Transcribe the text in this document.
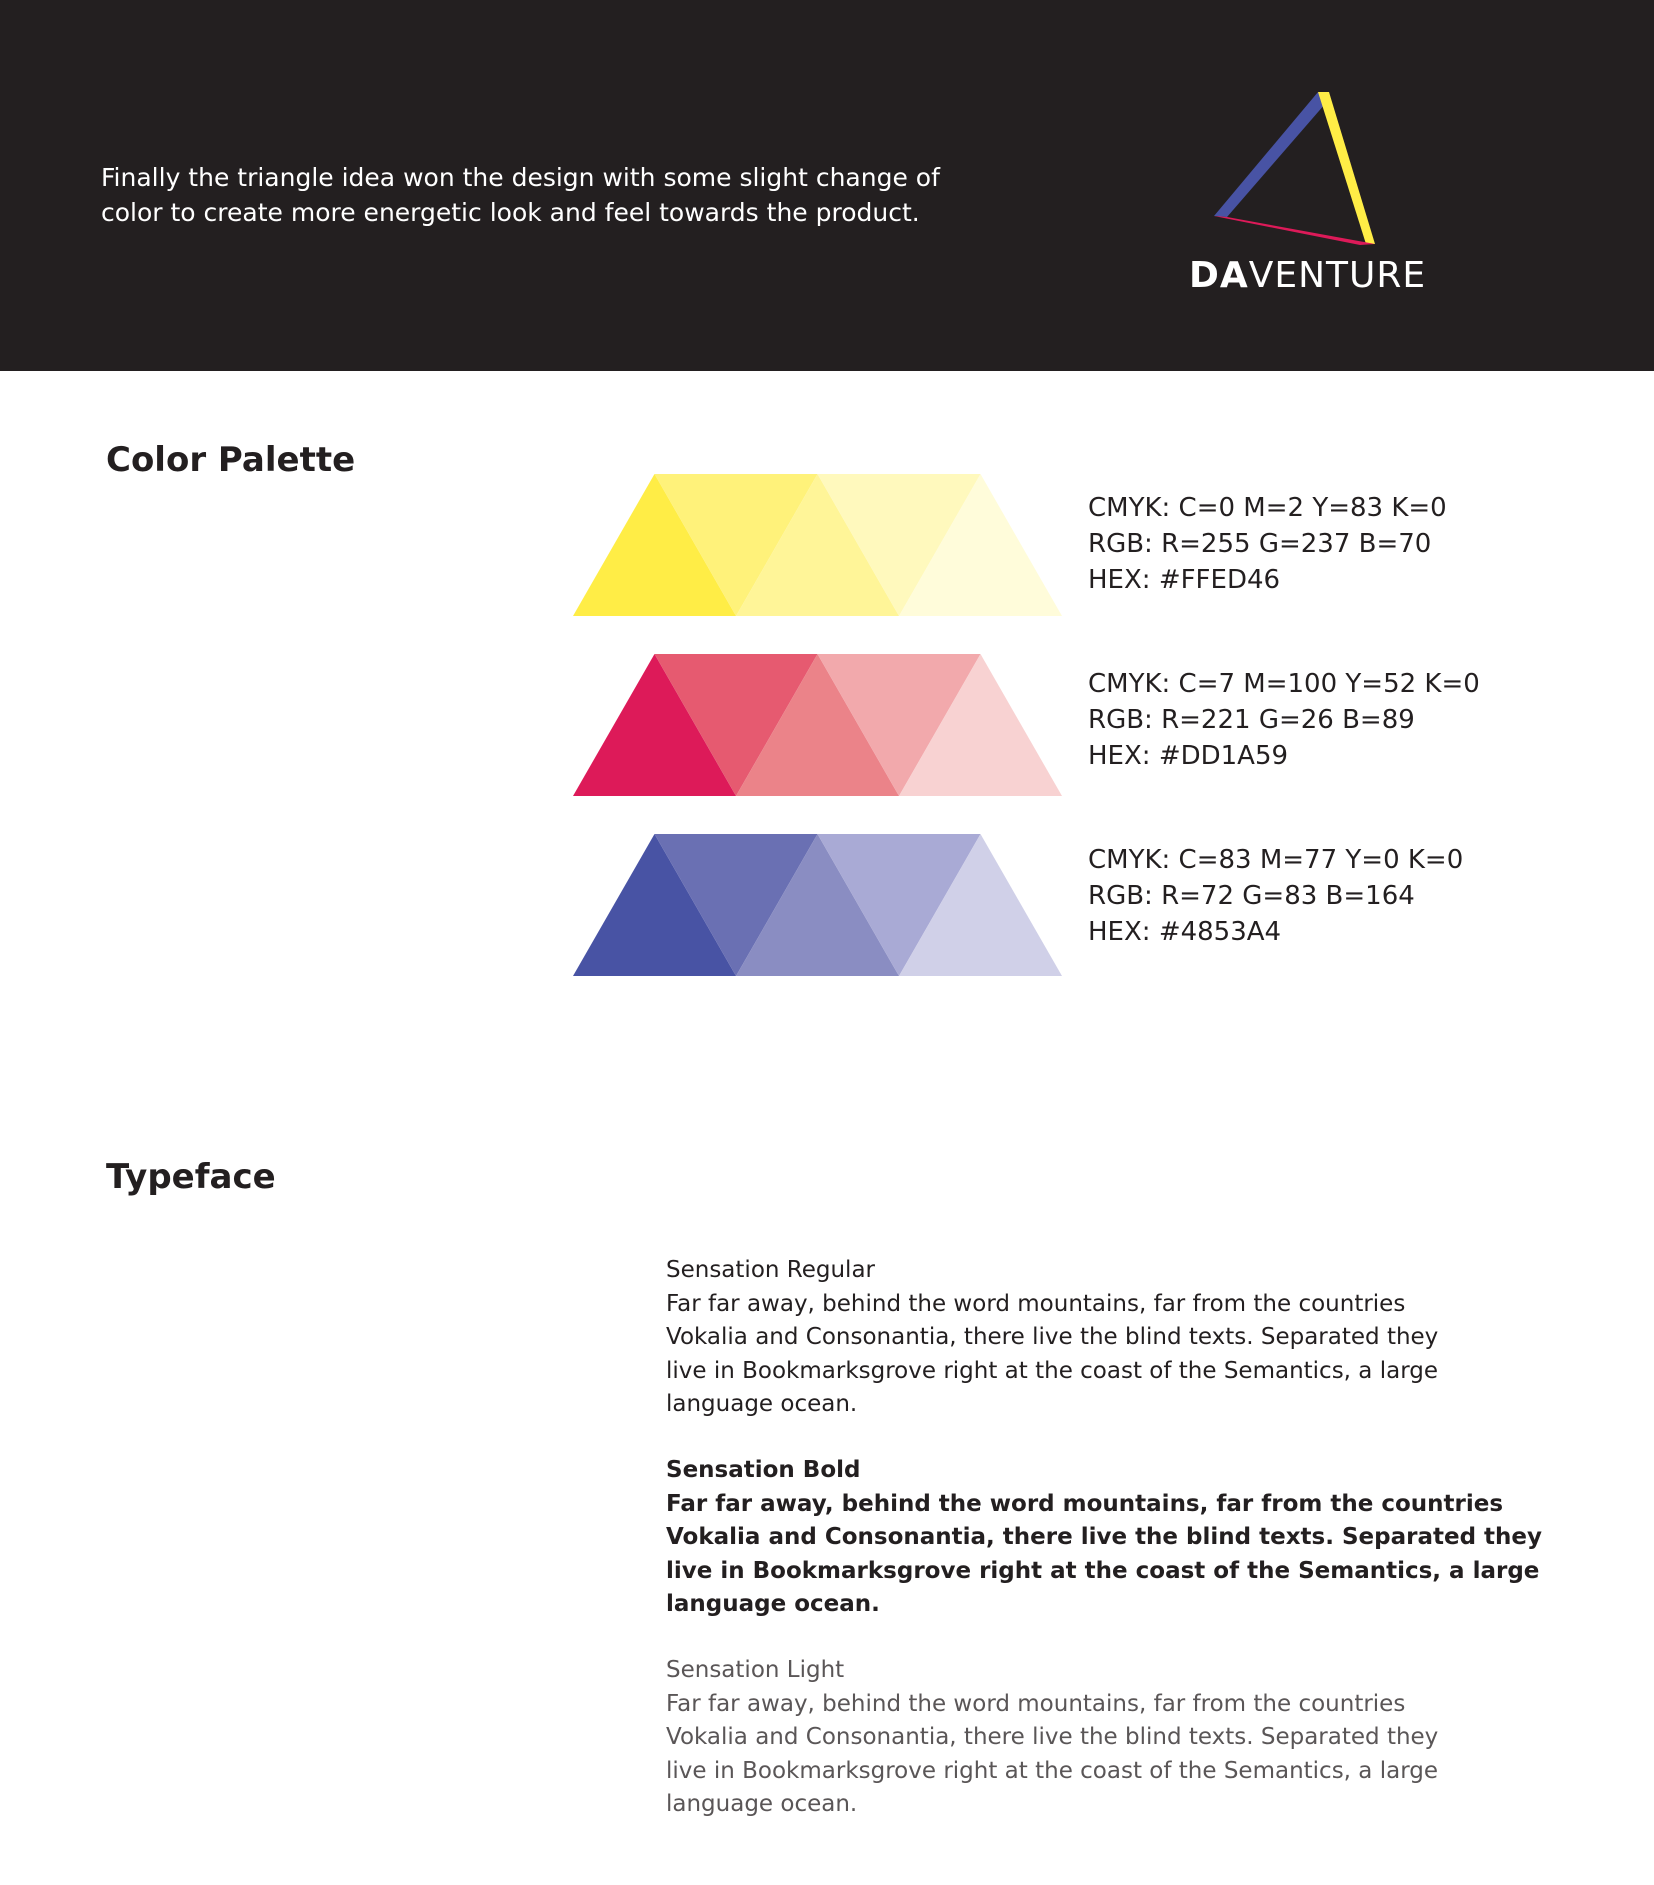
Finally the triangle idea won the design with some slight change of
color to create more energetic look and feel towards the product.

DAVENTURE
Color Palette
CMYK: C=0 M=2 Y=83 K=0
RGB: R=255 G=237 B=70
HEX: #FFED46
CMYK: C=7 M=100 Y=52 K=0
RGB: R=221 G=26 B=89
HEX: #DD1A59
CMYK: C=83 M=77 Y=0 K=0
RGB: R=72 G=83 B=164
HEX: #4853A4
Typeface
Sensation Regular
Far far away, behind the word mountains, far from the countries
Vokalia and Consonantia, there live the blind texts. Separated they
live in Bookmarksgrove right at the coast of the Semantics, a large
language ocean.
Sensation Bold
Far far away, behind the word mountains, far from the countries
Vokalia and Consonantia, there live the blind texts. Separated they
live in Bookmarksgrove right at the coast of the Semantics, a large
language ocean.
Sensation Light
Far far away, behind the word mountains, far from the countries
Vokalia and Consonantia, there live the blind texts. Separated they
live in Bookmarksgrove right at the coast of the Semantics, a large
language ocean.
